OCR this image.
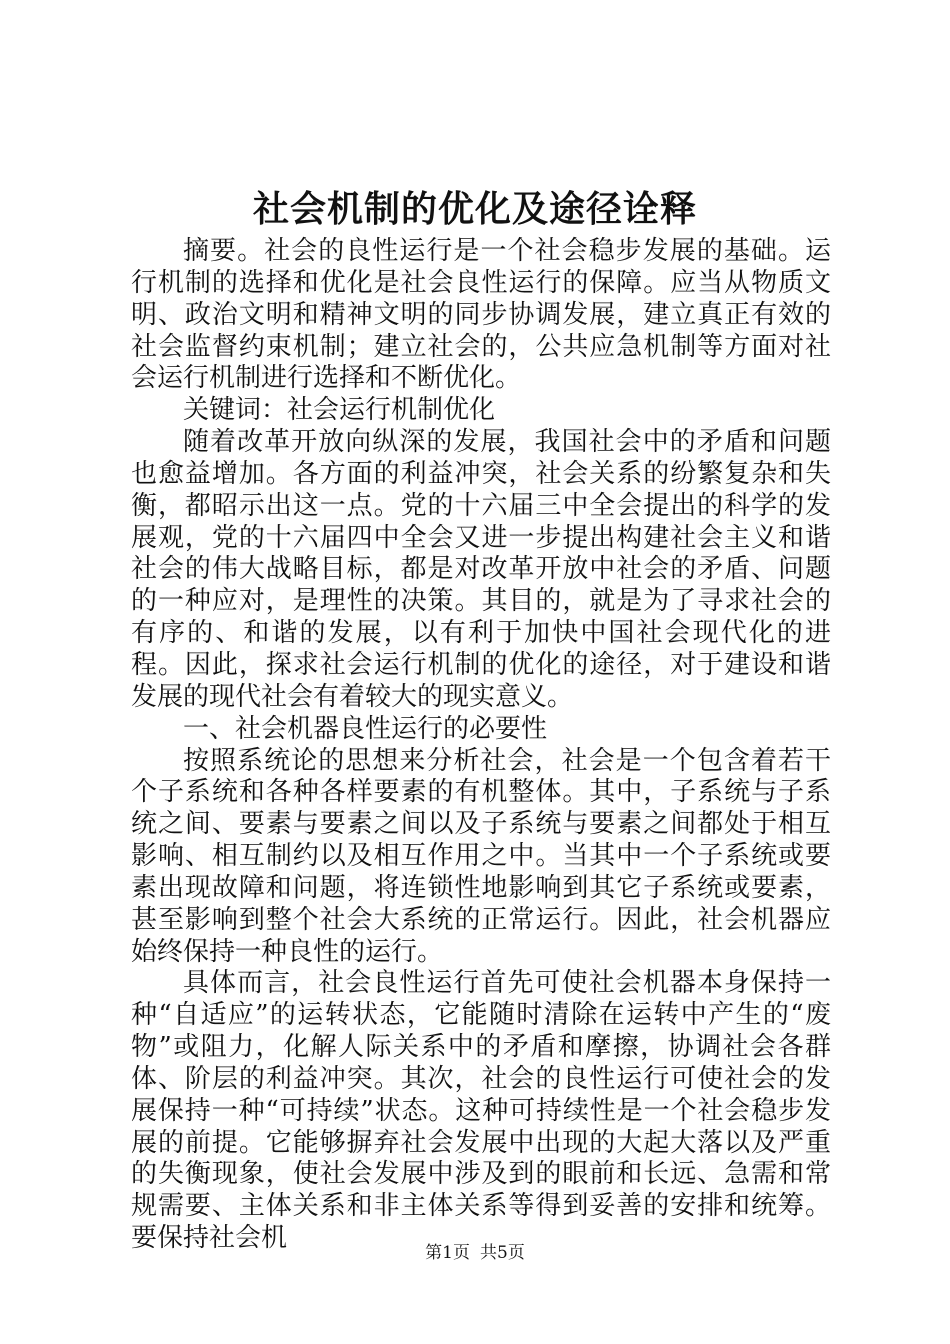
社会机制的优化及途径诠释

摘要。社会的良性运行是一个社会稳步发展的基础。运行机制的选择和优化是社会良性运行的保障。应当从物质文明、政治文明和精神文明的同步协调发展，建立真正有效的社会监督约束机制；建立社会的，公共应急机制等方面对社会运行机制进行选择和不断优化。

关键词：社会运行机制优化

随着改革开放向纵深的发展，我国社会中的矛盾和问题也愈益增加。各方面的利益冲突，社会关系的纷繁复杂和失衡，都昭示出这一点。党的十六届三中全会提出的科学的发展观，党的十六届四中全会又进一步提出构建社会主义和谐社会的伟大战略目标，都是对改革开放中社会的矛盾、问题的一种应对，是理性的决策。其目的，就是为了寻求社会的有序的、和谐的发展，以有利于加快中国社会现代化的进程。因此，探求社会运行机制的优化的途径，对于建设和谐发展的现代社会有着较大的现实意义。

一、社会机器良性运行的必要性

按照系统论的思想来分析社会，社会是一个包含着若干个子系统和各种各样要素的有机整体。其中，子系统与子系统之间、要素与要素之间以及子系统与要素之间都处于相互影响、相互制约以及相互作用之中。当其中一个子系统或要素出现故障和问题，将连锁性地影响到其它子系统或要素，甚至影响到整个社会大系统的正常运行。因此，社会机器应始终保持一种良性的运行。

具体而言，社会良性运行首先可使社会机器本身保持一种“自适应”的运转状态，它能随时清除在运转中产生的“废物”或阻力，化解人际关系中的矛盾和摩擦，协调社会各群体、阶层的利益冲突。其次，社会的良性运行可使社会的发展保持一种“可持续”状态。这种可持续性是一个社会稳步发展的前提。它能够摒弃社会发展中出现的大起大落以及严重的失衡现象，使社会发展中涉及到的眼前和长远、急需和常规需要、主体关系和非主体关系等得到妥善的安排和统筹。要保持社会机	第1页 共5页
